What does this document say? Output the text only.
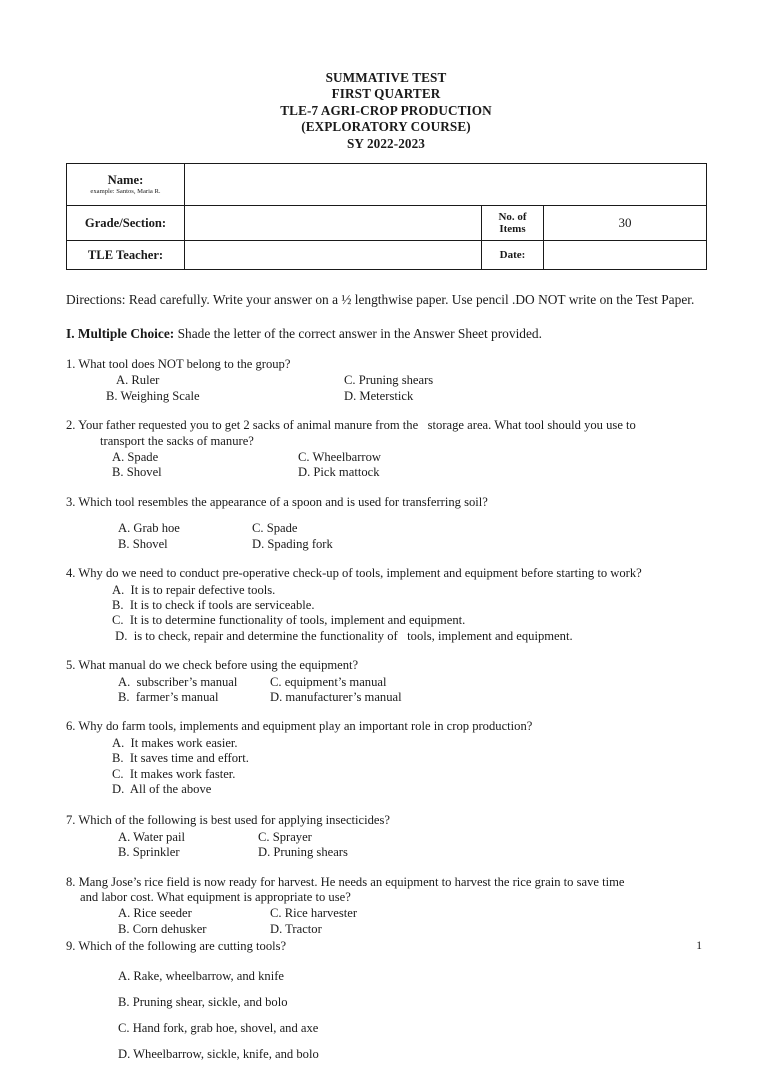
SUMMATIVE TEST
FIRST QUARTER
TLE-7 AGRI-CROP PRODUCTION
(EXPLORATORY COURSE)
SY 2022-2023
Name:
example: Santos, Maria R.			

Grade/Section:		No. of Items	30
TLE Teacher:		Date:	
Directions: Read carefully. Write your answer on a ½ lengthwise paper. Use pencil .DO NOT write on the Test Paper.
I. Multiple Choice: Shade the letter of the correct answer in the Answer Sheet provided.
1. What tool does NOT belong to the group?
A. Ruler	C. Pruning shears
B. Weighing Scale	D. Meterstick
2. Your father requested you to get 2 sacks of animal manure from the   storage area. What tool should you use to
transport the sacks of manure?
A. Spade	C. Wheelbarrow
B. Shovel	D. Pick mattock
3. Which tool resembles the appearance of a spoon and is used for transferring soil?
A. Grab hoe	C. Spade
B. Shovel	D. Spading fork
4. Why do we need to conduct pre-operative check-up of tools, implement and equipment before starting to work?
A.  It is to repair defective tools.
B.  It is to check if tools are serviceable.
C.  It is to determine functionality of tools, implement and equipment.
D.  is to check, repair and determine the functionality of   tools, implement and equipment.
5. What manual do we check before using the equipment?
A.  subscriber’s manual	C. equipment’s manual
B.  farmer’s manual	D. manufacturer’s manual
6. Why do farm tools, implements and equipment play an important role in crop production?
A.  It makes work easier.
B.  It saves time and effort.
C.  It makes work faster.
D.  All of the above
7. Which of the following is best used for applying insecticides?
A. Water pail	C. Sprayer
B. Sprinkler	D. Pruning shears
8. Mang Jose’s rice field is now ready for harvest. He needs an equipment to harvest the rice grain to save time
and labor cost. What equipment is appropriate to use?
A. Rice seeder	C. Rice harvester
B. Corn dehusker	D. Tractor
9. Which of the following are cutting tools?
A. Rake, wheelbarrow, and knife
B. Pruning shear, sickle, and bolo
C. Hand fork, grab hoe, shovel, and axe
D. Wheelbarrow, sickle, knife, and bolo
1
